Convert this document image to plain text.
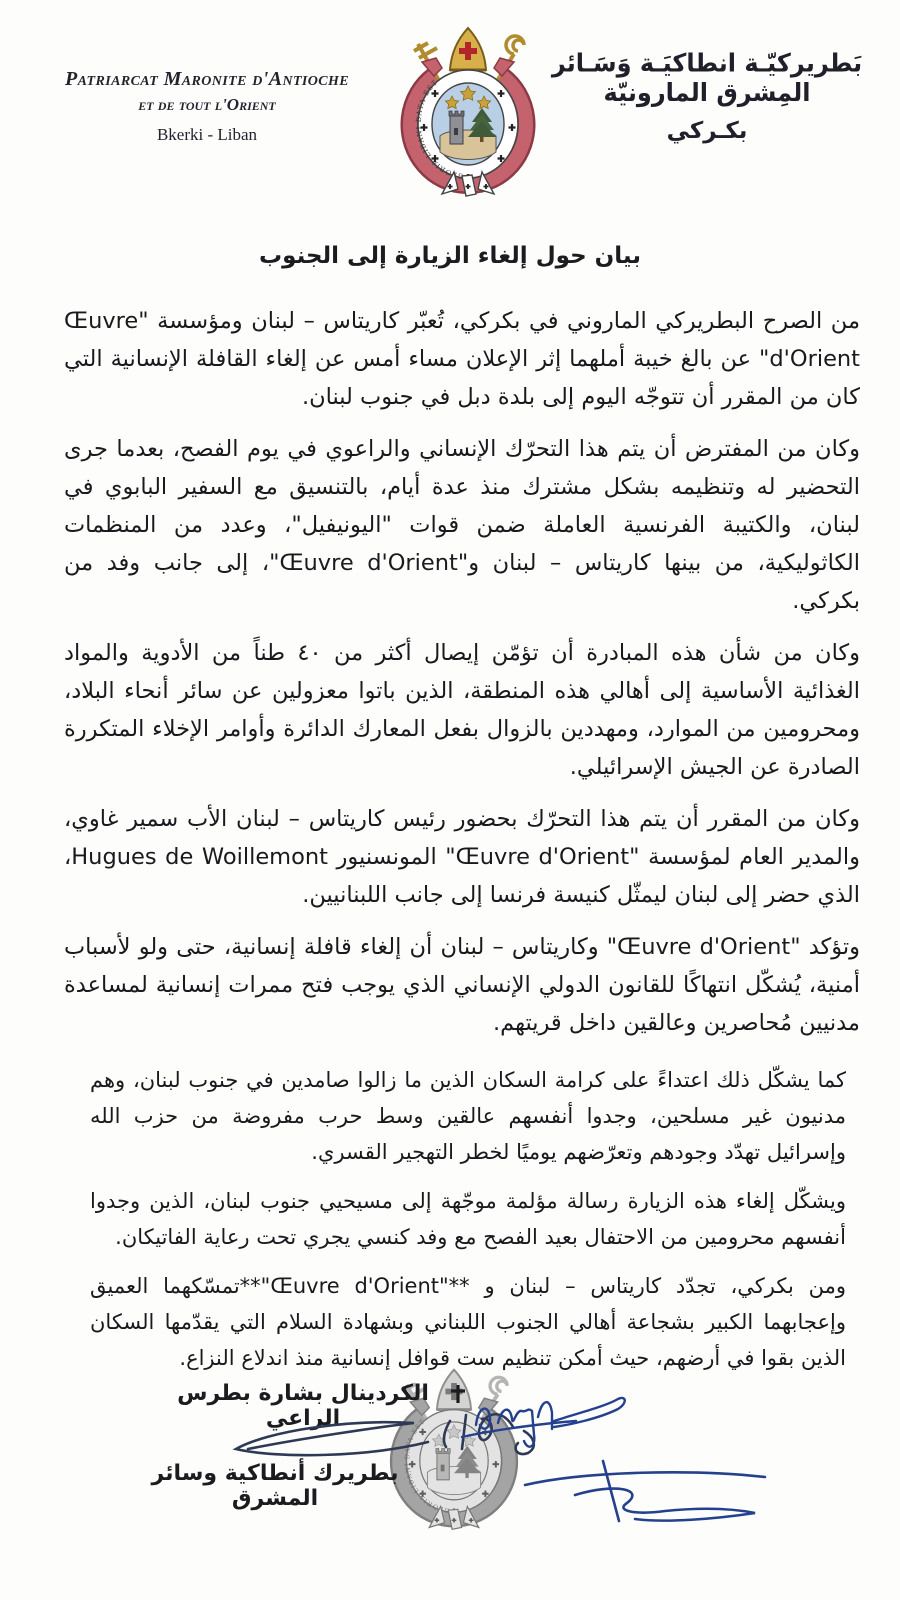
Patriarcat Maronite d'Antioche
et de tout l'Orient
Bkerki - Liban
بَطريركيّـة انطاكيَـة وَسَـائر المِشرق المارونيّة
بكـركي
بيان حول إلغاء الزيارة إلى الجنوب

من الصرح البطريركي الماروني في بكركي، تُعبّر كاريتاس – لبنان ومؤسسة "Œuvre d'Orient" عن بالغ خيبة أملهما إثر الإعلان مساء أمس عن إلغاء القافلة الإنسانية التي كان من المقرر أن تتوجّه اليوم إلى بلدة دبل في جنوب لبنان.

وكان من المفترض أن يتم هذا التحرّك الإنساني والراعوي في يوم الفصح، بعدما جرى التحضير له وتنظيمه بشكل مشترك منذ عدة أيام، بالتنسيق مع السفير البابوي في لبنان، والكتيبة الفرنسية العاملة ضمن قوات "اليونيفيل"، وعدد من المنظمات الكاثوليكية، من بينها كاريتاس – لبنان و"Œuvre d'Orient"، إلى جانب وفد من بكركي.

وكان من شأن هذه المبادرة أن تؤمّن إيصال أكثر من ٤٠ طناً من الأدوية والمواد الغذائية الأساسية إلى أهالي هذه المنطقة، الذين باتوا معزولين عن سائر أنحاء البلاد، ومحرومين من الموارد، ومهددين بالزوال بفعل المعارك الدائرة وأوامر الإخلاء المتكررة الصادرة عن الجيش الإسرائيلي.

وكان من المقرر أن يتم هذا التحرّك بحضور رئيس كاريتاس – لبنان الأب سمير غاوي، والمدير العام لمؤسسة "Œuvre d'Orient" المونسنيور Hugues de Woillemont، الذي حضر إلى لبنان ليمثّل كنيسة فرنسا إلى جانب اللبنانيين.

وتؤكد "Œuvre d'Orient" وكاريتاس – لبنان أن إلغاء قافلة إنسانية، حتى ولو لأسباب أمنية، يُشكّل انتهاكًا للقانون الدولي الإنساني الذي يوجب فتح ممرات إنسانية لمساعدة مدنيين مُحاصرين وعالقين داخل قريتهم.

كما يشكّل ذلك اعتداءً على كرامة السكان الذين ما زالوا صامدين في جنوب لبنان، وهم مدنيون غير مسلحين، وجدوا أنفسهم عالقين وسط حرب مفروضة من حزب الله وإسرائيل تهدّد وجودهم وتعرّضهم يوميًا لخطر التهجير القسري.

ويشكّل إلغاء هذه الزيارة رسالة مؤلمة موجّهة إلى مسيحيي جنوب لبنان، الذين وجدوا أنفسهم محرومين من الاحتفال بعيد الفصح مع وفد كنسي يجري تحت رعاية الفاتيكان.

ومن بكركي، تجدّد كاريتاس – لبنان و **"Œuvre d'Orient"**تمسّكهما العميق وإعجابهما الكبير بشجاعة أهالي الجنوب اللبناني وبشهادة السلام التي يقدّمها السكان الذين بقوا في أرضهم، حيث أمكن تنظيم ست قوافل إنسانية منذ اندلاع النزاع.

الكردينال بشارة بطرس الراعي
بطريرك أنطاكية وسائر المشرق
